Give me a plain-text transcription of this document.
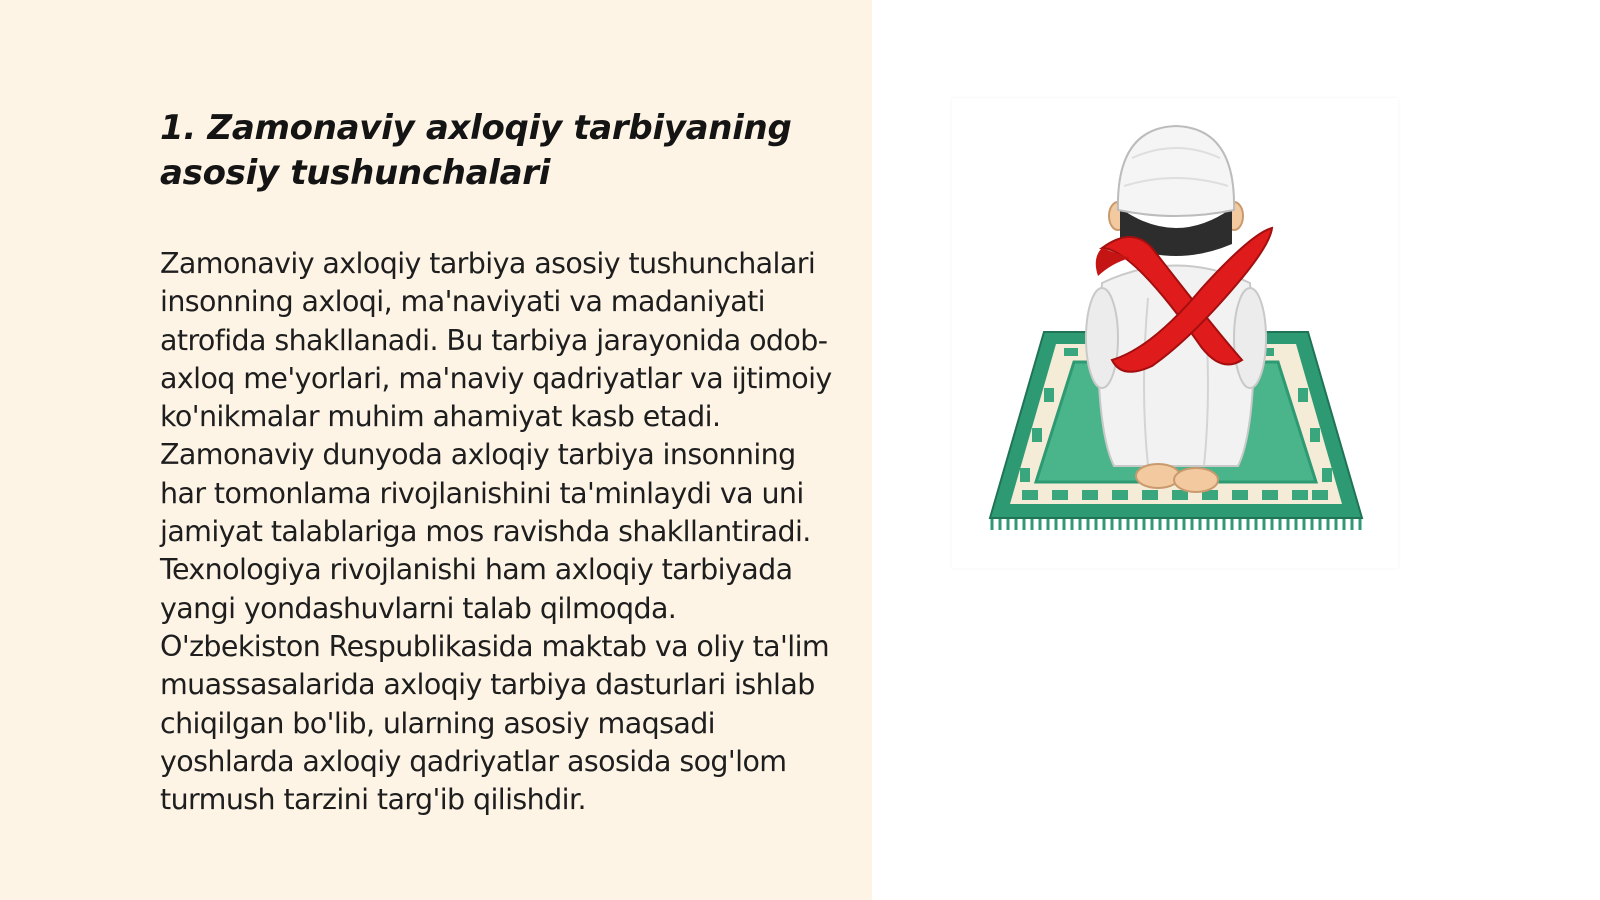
1. Zamonaviy axloqiy tarbiyaning asosiy tushunchalari

Zamonaviy axloqiy tarbiya asosiy tushunchalari insonning axloqi, ma'naviyati va madaniyati atrofida shakllanadi. Bu tarbiya jarayonida odob-axloq me'yorlari, ma'naviy qadriyatlar va ijtimoiy ko'nikmalar muhim ahamiyat kasb etadi. Zamonaviy dunyoda axloqiy tarbiya insonning har tomonlama rivojlanishini ta'minlaydi va uni jamiyat talablariga mos ravishda shakllantiradi. Texnologiya rivojlanishi ham axloqiy tarbiyada yangi yondashuvlarni talab qilmoqda. O'zbekiston Respublikasida maktab va oliy ta'lim muassasalarida axloqiy tarbiya dasturlari ishlab chiqilgan bo'lib, ularning asosiy maqsadi yoshlarda axloqiy qadriyatlar asosida sog'lom turmush tarzini targ'ib qilishdir.
